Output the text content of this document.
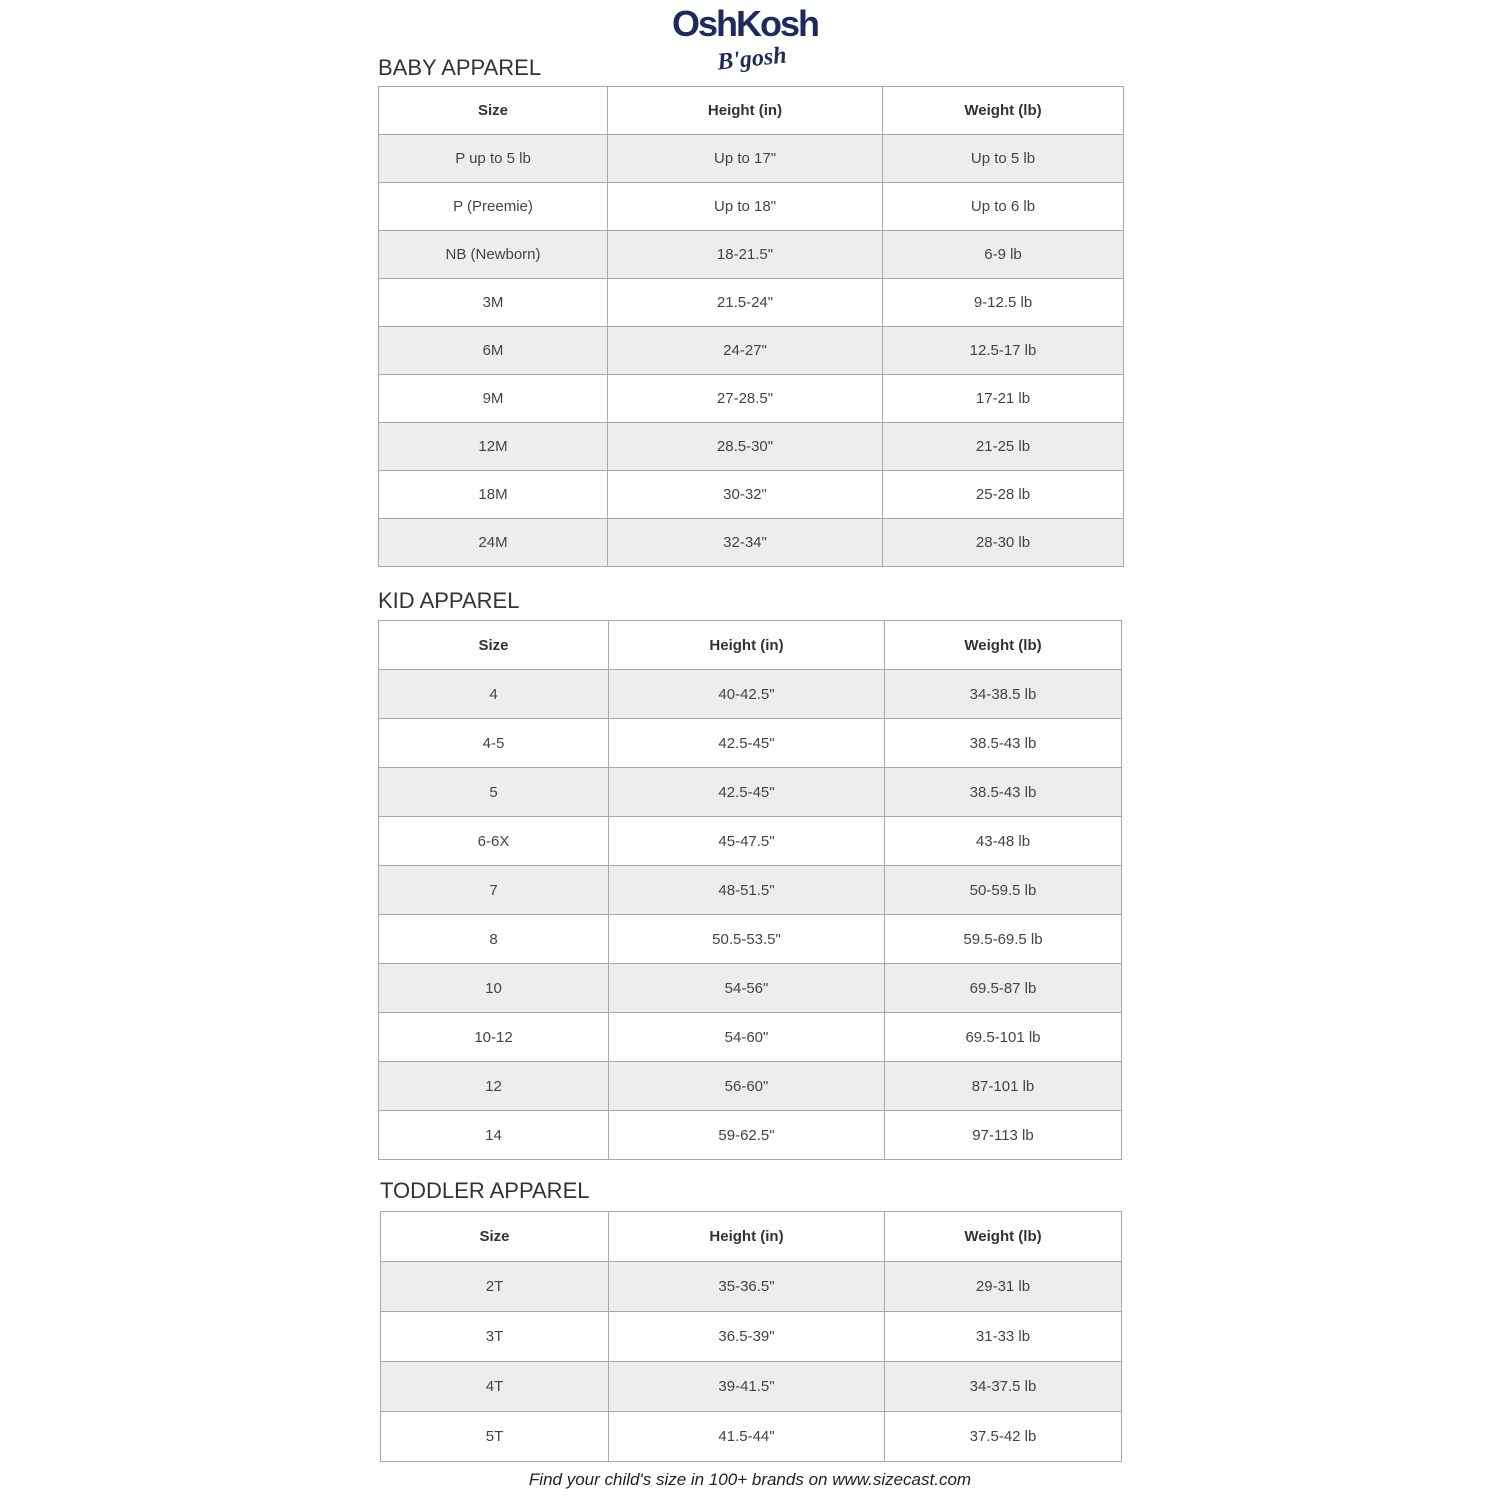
OshKosh
B'gosh
BABY APPAREL
Size	Height (in)	Weight (lb)
P up to 5 lb	Up to 17"	Up to 5 lb
P (Preemie)	Up to 18"	Up to 6 lb
NB (Newborn)	18-21.5"	6-9 lb
3M	21.5-24"	9-12.5 lb
6M	24-27"	12.5-17 lb
9M	27-28.5"	17-21 lb
12M	28.5-30"	21-25 lb
18M	30-32"	25-28 lb
24M	32-34"	28-30 lb
KID APPAREL
Size	Height (in)	Weight (lb)
4	40-42.5"	34-38.5 lb
4-5	42.5-45"	38.5-43 lb
5	42.5-45"	38.5-43 lb
6-6X	45-47.5"	43-48 lb
7	48-51.5"	50-59.5 lb
8	50.5-53.5"	59.5-69.5 lb
10	54-56"	69.5-87 lb
10-12	54-60"	69.5-101 lb
12	56-60"	87-101 lb
14	59-62.5"	97-113 lb
TODDLER APPAREL
Size	Height (in)	Weight (lb)
2T	35-36.5"	29-31 lb
3T	36.5-39"	31-33 lb
4T	39-41.5"	34-37.5 lb
5T	41.5-44"	37.5-42 lb
Find your child's size in 100+ brands on www.sizecast.com
